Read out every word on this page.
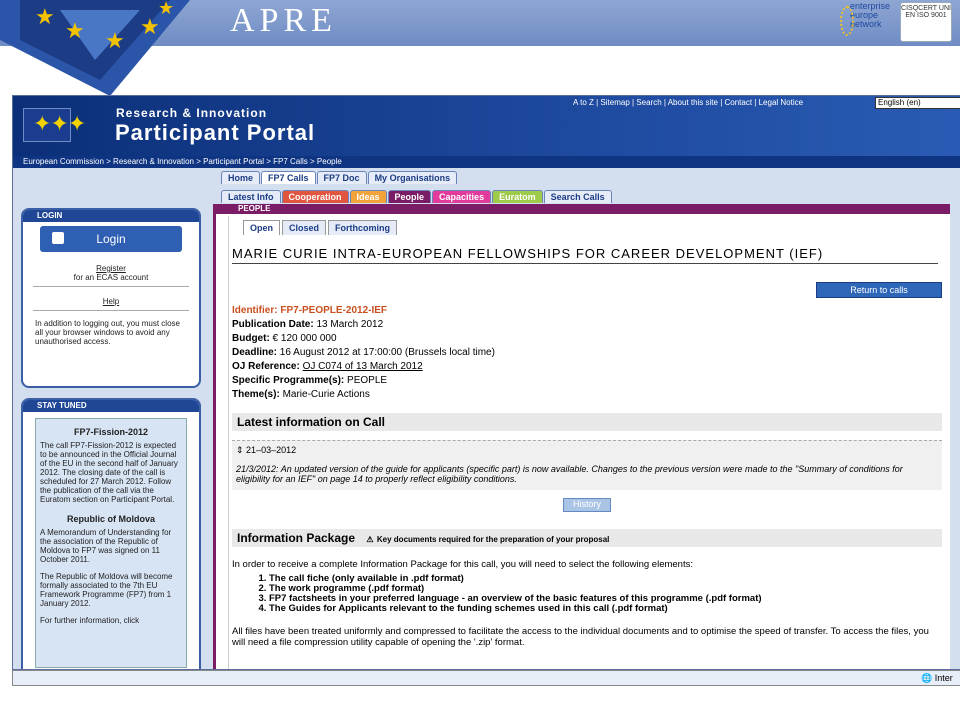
★
★ ★
★
★ APRE	enterprise europe network
CISQCERT UNI EN ISO 9001
✦✦✦	Research & Innovation
Participant Portal
A to Z | Sitemap | Search | About this site | Contact | Legal Notice	English (en)
European Commission > Research & Innovation > Participant Portal > FP7 Calls > People
LOGIN
Login
Register
for an ECAS account
Help
In addition to logging out, you must close all your browser windows to avoid any unauthorised access.
STAY TUNED
FP7-Fission-2012
The call FP7-Fission-2012 is expected to be announced in the Official Journal of the EU in the second half of January 2012. The closing date of the call is scheduled for 27 March 2012. Follow the publication of the call via the Euratom section on Participant Portal.
Republic of Moldova
A Memorandum of Understanding for the association of the Republic of Moldova to FP7 was signed on 11 October 2011.
The Republic of Moldova will become formally associated to the 7th EU Framework Programme (FP7) from 1 January 2012.
For further information, click
Home FP7 Calls FP7 Doc My Organisations
Latest Info Cooperation Ideas People Capacities Euratom Search Calls
PEOPLE
Open Closed Forthcoming
MARIE CURIE INTRA-EUROPEAN FELLOWSHIPS FOR CAREER DEVELOPMENT (IEF)
Return to calls
Identifier: FP7-PEOPLE-2012-IEF
Publication Date: 13 March 2012
Budget: € 120 000 000
Deadline: 16 August 2012 at 17:00:00 (Brussels local time)
OJ Reference: OJ C074 of 13 March 2012
Specific Programme(s): PEOPLE
Theme(s): Marie-Curie Actions
Latest information on Call
⇕ 21–03–2012
21/3/2012: An updated version of the guide for applicants (specific part) is now available. Changes to the previous version were made to the "Summary of conditions for eligibility for an IEF" on page 14 to properly reflect eligibility conditions.
History
Information Package ⚠ Key documents required for the preparation of your proposal
In order to receive a complete Information Package for this call, you will need to select the following elements:
1. The call fiche (only available in .pdf format)
2. The work programme (.pdf format)
3. FP7 factsheets in your preferred language - an overview of the basic features of this programme (.pdf format)
4. The Guides for Applicants relevant to the funding schemes used in this call (.pdf format)
All files have been treated uniformly and compressed to facilitate the access to the individual documents and to optimise the speed of transfer. To access the files, you will need a file compression utility capable of opening the '.zip' format.
🌐 Inter
